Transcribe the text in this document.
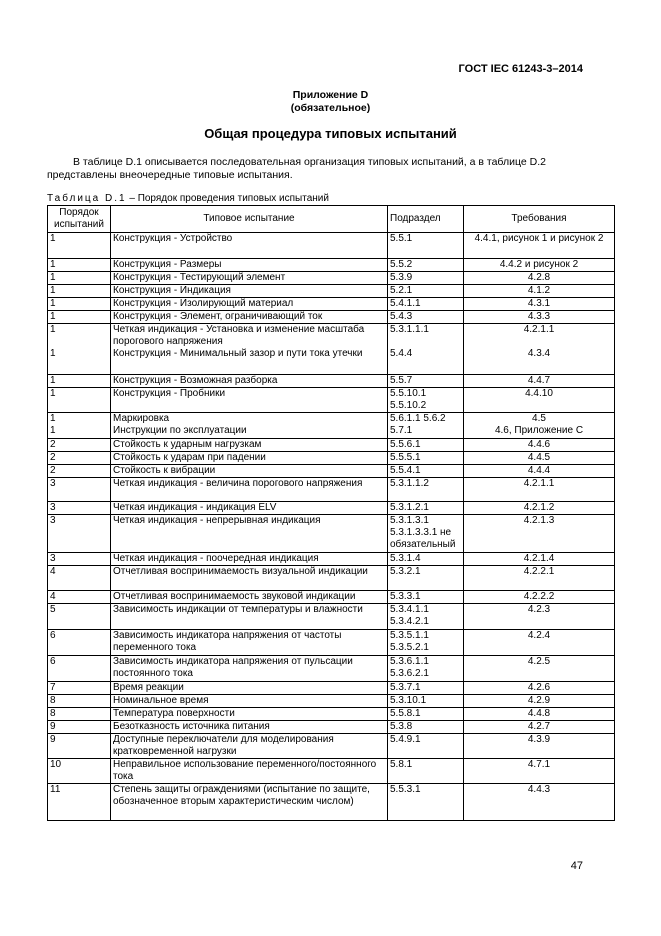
ГОСТ IEC 61243-3–2014
Приложение D
(обязательное)
Общая процедура типовых испытаний
В таблице D.1 описывается последовательная организация типовых испытаний, а в таблице D.2 представлены внеочередные типовые испытания.
Таблица D.1 – Порядок проведения типовых испытаний
Порядок испытаний	Типовое испытание	Подраздел	Требования
1	Конструкция - Устройство	5.5.1	4.4.1, рисунок 1 и рисунок 2
1	Конструкция - Размеры	5.5.2	4.4.2 и рисунок 2
1	Конструкция - Тестирующий элемент	5.3.9	4.2.8
1	Конструкция - Индикация	5.2.1	4.1.2
1	Конструкция - Изолирующий материал	5.4.1.1	4.3.1
1	Конструкция - Элемент, ограничивающий ток	5.4.3	4.3.3
1	Четкая индикация - Установка и изменение масштаба порогового напряжения	5.3.1.1.1	4.2.1.1
1	Конструкция - Минимальный зазор и пути тока утечки	5.4.4	4.3.4
1	Конструкция - Возможная разборка	5.5.7	4.4.7
1	Конструкция - Пробники	5.5.10.1 5.5.10.2	4.4.10
1	Маркировка	5.6.1.1 5.6.2	4.5
1	Инструкции по эксплуатации	5.7.1	4.6, Приложение С
2	Стойкость к ударным нагрузкам	5.5.6.1	4.4.6
2	Стойкость к ударам при падении	5.5.5.1	4.4.5
2	Стойкость к вибрации	5.5.4.1	4.4.4
3	Четкая индикация - величина порогового напряжения	5.3.1.1.2	4.2.1.1
3	Четкая индикация - индикация ELV	5.3.1.2.1	4.2.1.2
3	Четкая индикация - непрерывная индикация	5.3.1.3.1 5.3.1.3.3.1 не обязательный	4.2.1.3
3	Четкая индикация - поочередная индикация	5.3.1.4	4.2.1.4
4	Отчетливая воспринимаемость визуальной индикации	5.3.2.1	4.2.2.1
4	Отчетливая воспринимаемость звуковой индикации	5.3.3.1	4.2.2.2
5	Зависимость индикации от температуры и влажности	5.3.4.1.1 5.3.4.2.1	4.2.3
6	Зависимость индикатора напряжения от частоты переменного тока	5.3.5.1.1 5.3.5.2.1	4.2.4
6	Зависимость индикатора напряжения от пульсации постоянного тока	5.3.6.1.1 5.3.6.2.1	4.2.5
7	Время реакции	5.3.7.1	4.2.6
8	Номинальное время	5.3.10.1	4.2.9
8	Температура поверхности	5.5.8.1	4.4.8
9	Безотказность источника питания	5.3.8	4.2.7
9	Доступные переключатели для моделирования кратковременной нагрузки	5.4.9.1	4.3.9
10	Неправильное использование переменного/постоянного тока	5.8.1	4.7.1
11	Степень защиты ограждениями (испытание по защите, обозначенное вторым характеристическим числом)	5.5.3.1	4.4.3
47
